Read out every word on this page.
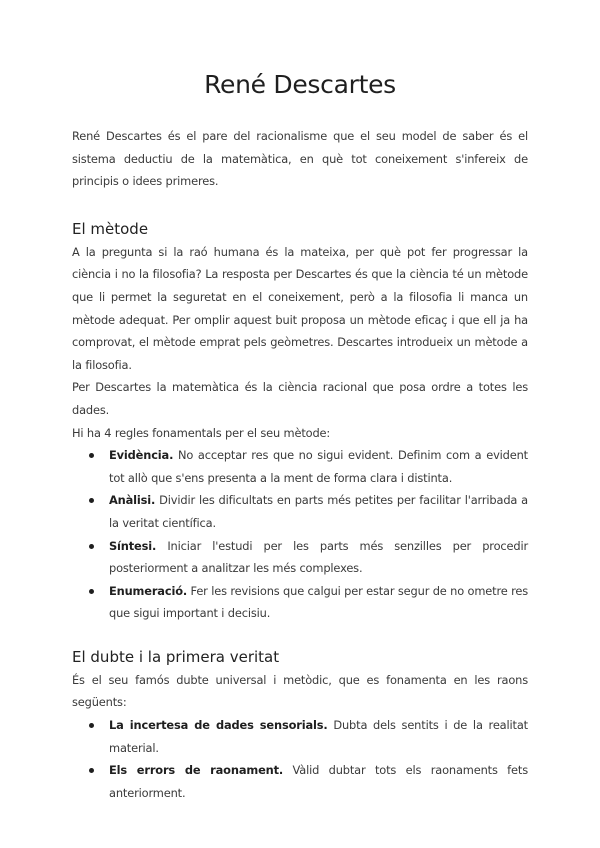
René Descartes

René Descartes és el pare del racionalisme que el seu model de saber és el sistema deductiu de la matemàtica, en què tot coneixement s'infereix de principis o idees primeres.

El mètode

A la pregunta si la raó humana és la mateixa, per què pot fer progressar la ciència i no la filosofia? La resposta per Descartes és que la ciència té un mètode que li permet la seguretat en el coneixement, però a la filosofia li manca un mètode adequat. Per omplir aquest buit proposa un mètode eficaç i que ell ja ha comprovat, el mètode emprat pels geòmetres. Descartes introdueix un mètode a la filosofia.

Per Descartes la matemàtica és la ciència racional que posa ordre a totes les dades.

Hi ha 4 regles fonamentals per el seu mètode:

Evidència. No acceptar res que no sigui evident. Definim com a evident tot allò que s'ens presenta a la ment de forma clara i distinta.
Anàlisi. Dividir les dificultats en parts més petites per facilitar l'arribada a la veritat científica.
Síntesi. Iniciar l'estudi per les parts més senzilles per procedir posteriorment a analitzar les més complexes.
Enumeració. Fer les revisions que calgui per estar segur de no ometre res que sigui important i decisiu.
El dubte i la primera veritat

És el seu famós dubte universal i metòdic, que es fonamenta en les raons següents:

La incertesa de dades sensorials. Dubta dels sentits i de la realitat material.
Els errors de raonament. Vàlid dubtar tots els raonaments fets anteriorment.
